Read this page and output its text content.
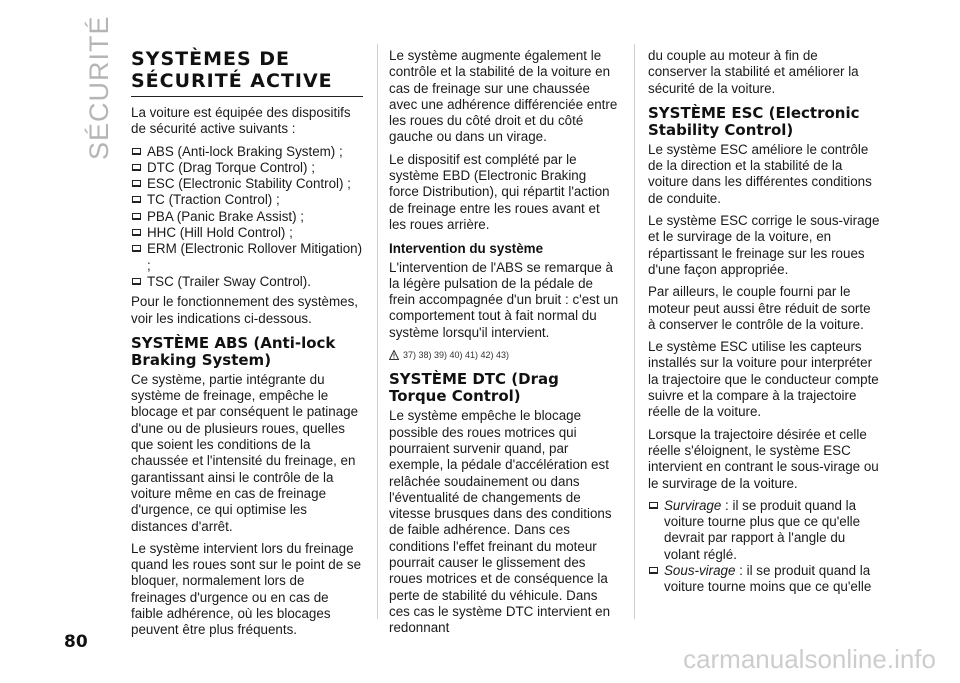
SÉCURITÉ SYSTÈMES DE SÉCURITÉ ACTIVE

La voiture est équipée des dispositifs de sécurité active suivants :

ABS (Anti-lock Braking System) ;
DTC (Drag Torque Control) ;
ESC (Electronic Stability Control) ;
TC (Traction Control) ;
PBA (Panic Brake Assist) ;
HHC (Hill Hold Control) ;
ERM (Electronic Rollover Mitigation) ;
TSC (Trailer Sway Control).

Pour le fonctionnement des systèmes, voir les indications ci-dessous.

SYSTÈME ABS (Anti-lock Braking System)

Ce système, partie intégrante du système de freinage, empêche le blocage et par conséquent le patinage d'une ou de plusieurs roues, quelles que soient les conditions de la chaussée et l'intensité du freinage, en garantissant ainsi le contrôle de la voiture même en cas de freinage d'urgence, ce qui optimise les distances d'arrêt.

Le système intervient lors du freinage quand les roues sont sur le point de se bloquer, normalement lors de freinages d'urgence ou en cas de faible adhérence, où les blocages peuvent être plus fréquents.

Le système augmente également le contrôle et la stabilité de la voiture en cas de freinage sur une chaussée avec une adhérence différenciée entre les roues du côté droit et du côté gauche ou dans un virage.

Le dispositif est complété par le système EBD (Electronic Braking force Distribution), qui répartit l'action de freinage entre les roues avant et les roues arrière.

Intervention du système

L'intervention de l'ABS se remarque à la légère pulsation de la pédale de frein accompagnée d'un bruit : c'est un comportement tout à fait normal du système lorsqu'il intervient.

37) 38) 39) 40) 41) 42) 43)
SYSTÈME DTC (Drag Torque Control)

Le système empêche le blocage possible des roues motrices qui pourraient survenir quand, par exemple, la pédale d'accélération est relâchée soudainement ou dans l'éventualité de changements de vitesse brusques dans des conditions de faible adhérence. Dans ces conditions l'effet freinant du moteur pourrait causer le glissement des roues motrices et de conséquence la perte de stabilité du véhicule. Dans ces cas le système DTC intervient en redonnant

du couple au moteur à fin de conserver la stabilité et améliorer la sécurité de la voiture.

SYSTÈME ESC (Electronic Stability Control)

Le système ESC améliore le contrôle de la direction et la stabilité de la voiture dans les différentes conditions de conduite.

Le système ESC corrige le sous-virage et le survirage de la voiture, en répartissant le freinage sur les roues d'une façon appropriée.

Par ailleurs, le couple fourni par le moteur peut aussi être réduit de sorte à conserver le contrôle de la voiture.

Le système ESC utilise les capteurs installés sur la voiture pour interpréter la trajectoire que le conducteur compte suivre et la compare à la trajectoire réelle de la voiture.

Lorsque la trajectoire désirée et celle réelle s'éloignent, le système ESC intervient en contrant le sous-virage ou le survirage de la voiture.

Survirage : il se produit quand la voiture tourne plus que ce qu'elle devrait par rapport à l'angle du volant réglé.
Sous-virage : il se produit quand la voiture tourne moins que ce qu'elle
80
carmanualsonline.info
